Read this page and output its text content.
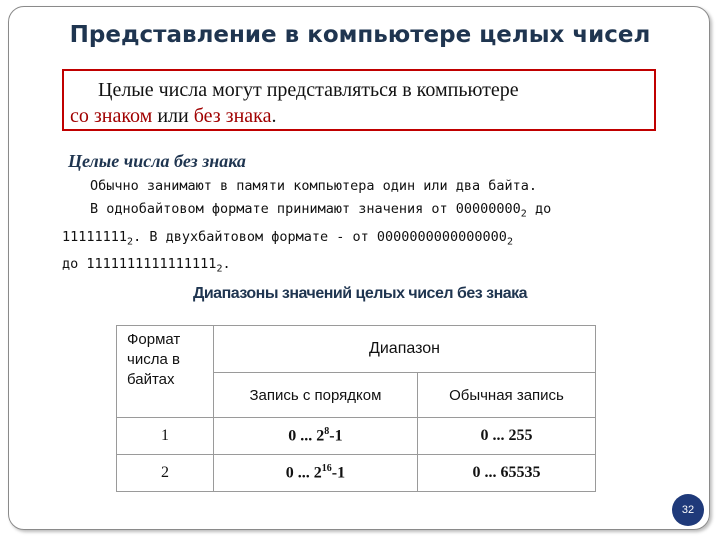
Представление в компьютере целых чисел
Целые числа могут представляться в компьютере
со знаком или без знака.
Целые числа без знака
Обычно занимают в памяти компьютера один или два байта.
В однобайтовом формате принимают значения от $00000000_2$ до
$11111111_2$. В двухбайтовом формате - от $0000000000000000_2$
до $1111111111111111_2$.
Диапазоны значений целых чисел без знака
Формат числа в байтах	Диапазон	
	Запись с порядком	Обычная запись
1	0 ... $2^8-1$	0 ... 255
2	0 ... $2^{16}-1$	0 ... 65535
32
